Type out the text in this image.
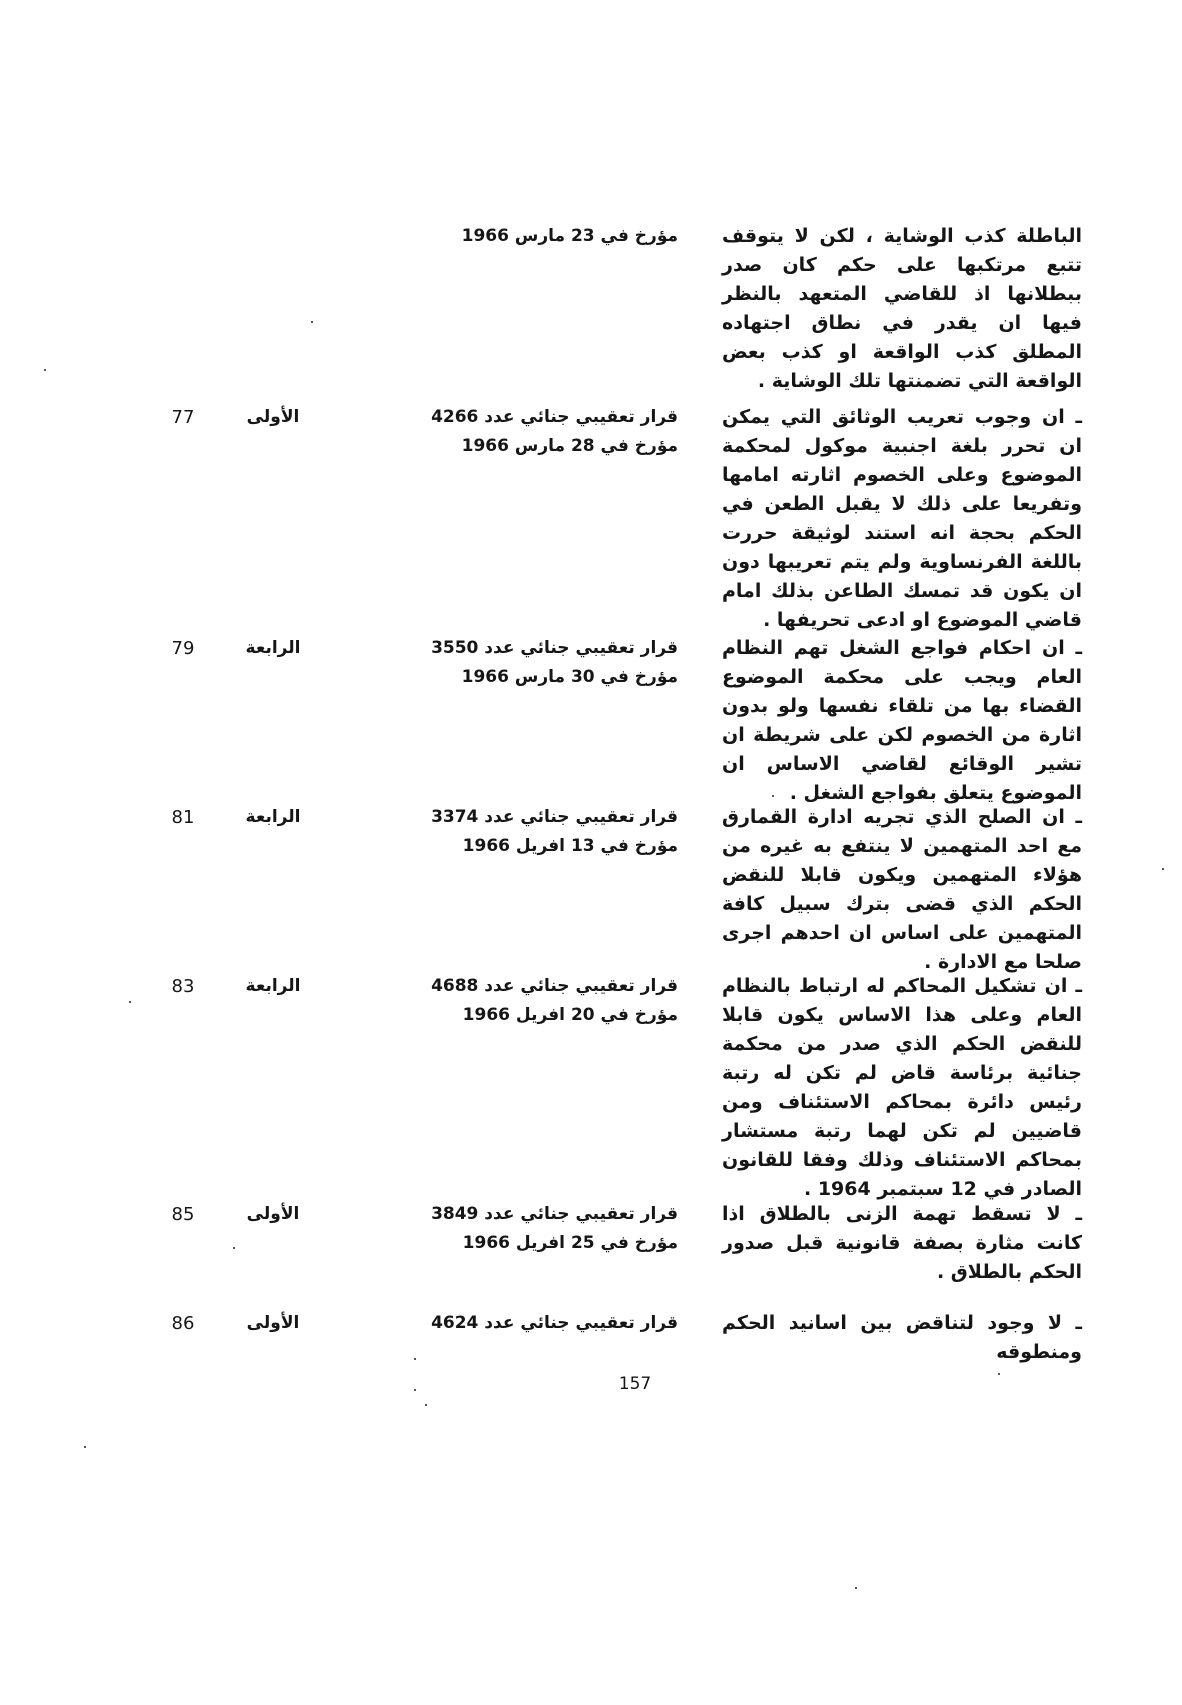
الباطلة كذب الوشاية ، لكن لا يتوقف تتبع مرتكبها على حكم كان صدر ببطلانها اذ للقاضي المتعهد بالنظر فيها ان يقدر في نطاق اجتهاده المطلق كذب الواقعة او كذب بعض الواقعة التي تضمنتها تلك الوشاية .
مؤرخ في 23 مارس 1966
ـ ان وجوب تعريب الوثائق التي يمكن ان تحرر بلغة اجنبية موكول لمحكمة الموضوع وعلى الخصوم اثارته امامها وتفريعا على ذلك لا يقبل الطعن في الحكم بحجة انه استند لوثيقة حررت باللغة الفرنساوية ولم يتم تعريبها دون ان يكون قد تمسك الطاعن بذلك امام قاضي الموضوع او ادعى تحريفها .
قرار تعقيبي جنائي عدد 4266
مؤرخ في 28 مارس 1966
الأولى
77
ـ ان احكام فواجع الشغل تهم النظام العام ويجب على محكمة الموضوع القضاء بها من تلقاء نفسها ولو بدون اثارة من الخصوم لكن على شريطة ان تشير الوقائع لقاضي الاساس ان الموضوع يتعلق بفواجع الشغل .
قرار تعقيبي جنائي عدد 3550
مؤرخ في 30 مارس 1966
الرابعة
79
ـ ان الصلح الذي تجريه ادارة القمارق مع احد المتهمين لا ينتفع به غيره من هؤلاء المتهمين ويكون قابلا للنقض الحكم الذي قضى بترك سبيل كافة المتهمين على اساس ان احدهم اجرى صلحا مع الادارة .
قرار تعقيبي جنائي عدد 3374
مؤرخ في 13 افريل 1966
الرابعة
81
ـ ان تشكيل المحاكم له ارتباط بالنظام العام وعلى هذا الاساس يكون قابلا للنقض الحكم الذي صدر من محكمة جنائية برئاسة قاض لم تكن له رتبة رئيس دائرة بمحاكم الاستئناف ومن قاضيين لم تكن لهما رتبة مستشار بمحاكم الاستئناف وذلك وفقا للقانون الصادر في 12 سبتمبر 1964 .
قرار تعقيبي جنائي عدد 4688
مؤرخ في 20 افريل 1966
الرابعة
83
ـ لا تسقط تهمة الزنى بالطلاق اذا كانت مثارة بصفة قانونية قبل صدور الحكم بالطلاق .
قرار تعقيبي جنائي عدد 3849
مؤرخ في 25 افريل 1966
الأولى
85
ـ لا وجود لتناقض بين اسانيد الحكم ومنطوقه
قرار تعقيبي جنائي عدد 4624
الأولى
86
157
